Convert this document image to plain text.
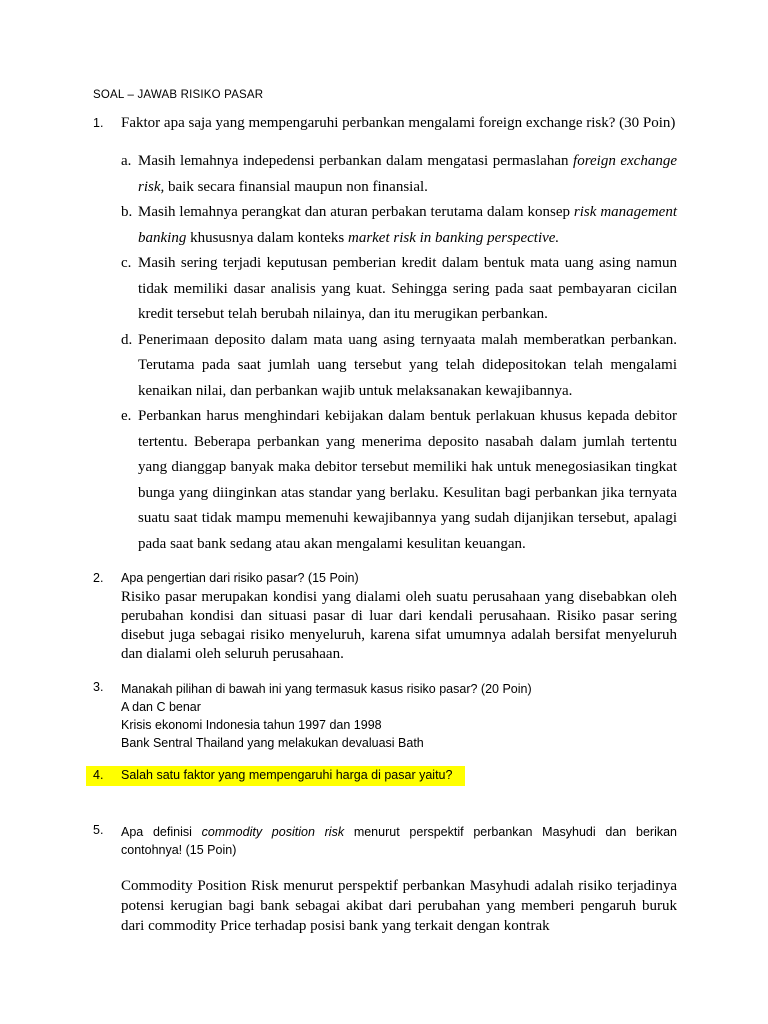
SOAL – JAWAB RISIKO PASAR
1. Faktor apa saja yang mempengaruhi perbankan mengalami foreign exchange risk? (30 Poin)
a. Masih lemahnya indepedensi perbankan dalam mengatasi permaslahan foreign exchange risk, baik secara finansial maupun non finansial.
b. Masih lemahnya perangkat dan aturan perbakan terutama dalam konsep risk management banking khususnya dalam konteks market risk in banking perspective.
c. Masih sering terjadi keputusan pemberian kredit dalam bentuk mata uang asing namun tidak memiliki dasar analisis yang kuat. Sehingga sering pada saat pembayaran cicilan kredit tersebut telah berubah nilainya, dan itu merugikan perbankan.
d. Penerimaan deposito dalam mata uang asing ternyaata malah memberatkan perbankan. Terutama pada saat jumlah uang tersebut yang telah didepositokan telah mengalami kenaikan nilai, dan perbankan wajib untuk melaksanakan kewajibannya.
e. Perbankan harus menghindari kebijakan dalam bentuk perlakuan khusus kepada debitor tertentu. Beberapa perbankan yang menerima deposito nasabah dalam jumlah tertentu yang dianggap banyak maka debitor tersebut memiliki hak untuk menegosiasikan tingkat bunga yang diinginkan atas standar yang berlaku. Kesulitan bagi perbankan jika ternyata suatu saat tidak mampu memenuhi kewajibannya yang sudah dijanjikan tersebut, apalagi pada saat bank sedang atau akan mengalami kesulitan keuangan.
2. Apa pengertian dari risiko pasar? (15 Poin)
Risiko pasar merupakan kondisi yang dialami oleh suatu perusahaan yang disebabkan oleh perubahan kondisi dan situasi pasar di luar dari kendali perusahaan. Risiko pasar sering disebut juga sebagai risiko menyeluruh, karena sifat umumnya adalah bersifat menyeluruh dan dialami oleh seluruh perusahaan.
3. Manakah pilihan di bawah ini yang termasuk kasus risiko pasar? (20 Poin)
A dan C benar
Krisis ekonomi Indonesia tahun 1997 dan 1998
Bank Sentral Thailand yang melakukan devaluasi Bath
4. Salah satu faktor yang mempengaruhi harga di pasar yaitu?
5. Apa definisi commodity position risk menurut perspektif perbankan Masyhudi dan berikan contohnya! (15 Poin)
Commodity Position Risk menurut perspektif perbankan Masyhudi adalah risiko terjadinya potensi kerugian bagi bank sebagai akibat dari perubahan yang memberi pengaruh buruk dari commodity Price terhadap posisi bank yang terkait dengan kontrak
